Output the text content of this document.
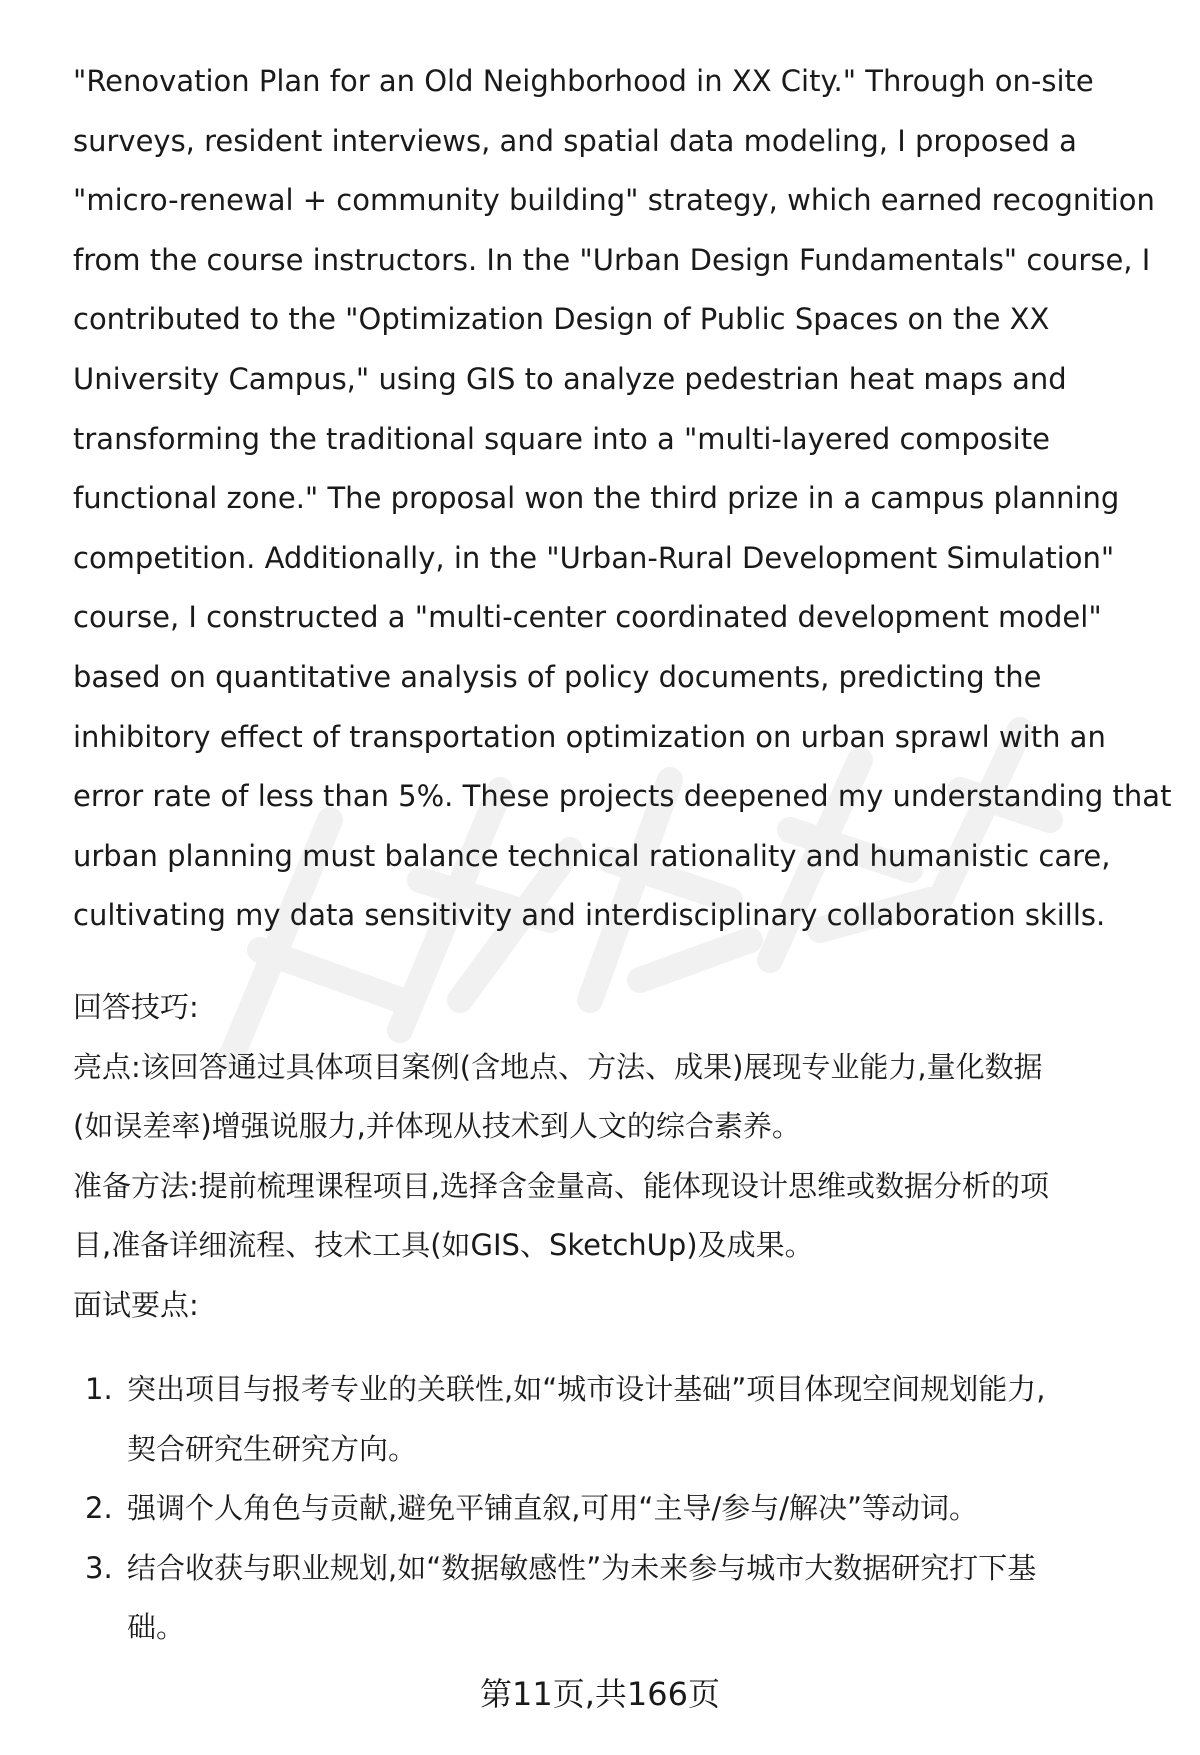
"Renovation Plan for an Old Neighborhood in XX City." Through on-site
surveys, resident interviews, and spatial data modeling, I proposed a
"micro-renewal + community building" strategy, which earned recognition
from the course instructors. In the "Urban Design Fundamentals" course, I
contributed to the "Optimization Design of Public Spaces on the XX
University Campus," using GIS to analyze pedestrian heat maps and
transforming the traditional square into a "multi-layered composite
functional zone." The proposal won the third prize in a campus planning
competition. Additionally, in the "Urban-Rural Development Simulation"
course, I constructed a "multi-center coordinated development model"
based on quantitative analysis of policy documents, predicting the
inhibitory effect of transportation optimization on urban sprawl with an
error rate of less than 5%. These projects deepened my understanding that
urban planning must balance technical rationality and humanistic care,
cultivating my data sensitivity and interdisciplinary collaboration skills.

回答技巧:

亮点:该回答通过具体项目案例(含地点、方法、成果)展现专业能力,量化数据

(如误差率)增强说服力,并体现从技术到人文的综合素养。

准备方法:提前梳理课程项目,选择含金量高、能体现设计思维或数据分析的项

目,准备详细流程、技术工具(如GIS、SketchUp)及成果。

面试要点:

1. 突出项目与报考专业的关联性,如“城市设计基础”项目体现空间规划能力,
契合研究生研究方向。
2. 强调个人角色与贡献,避免平铺直叙,可用“主导/参与/解决”等动词。
3. 结合收获与职业规划,如“数据敏感性”为未来参与城市大数据研究打下基
础。
第11页,共166页
